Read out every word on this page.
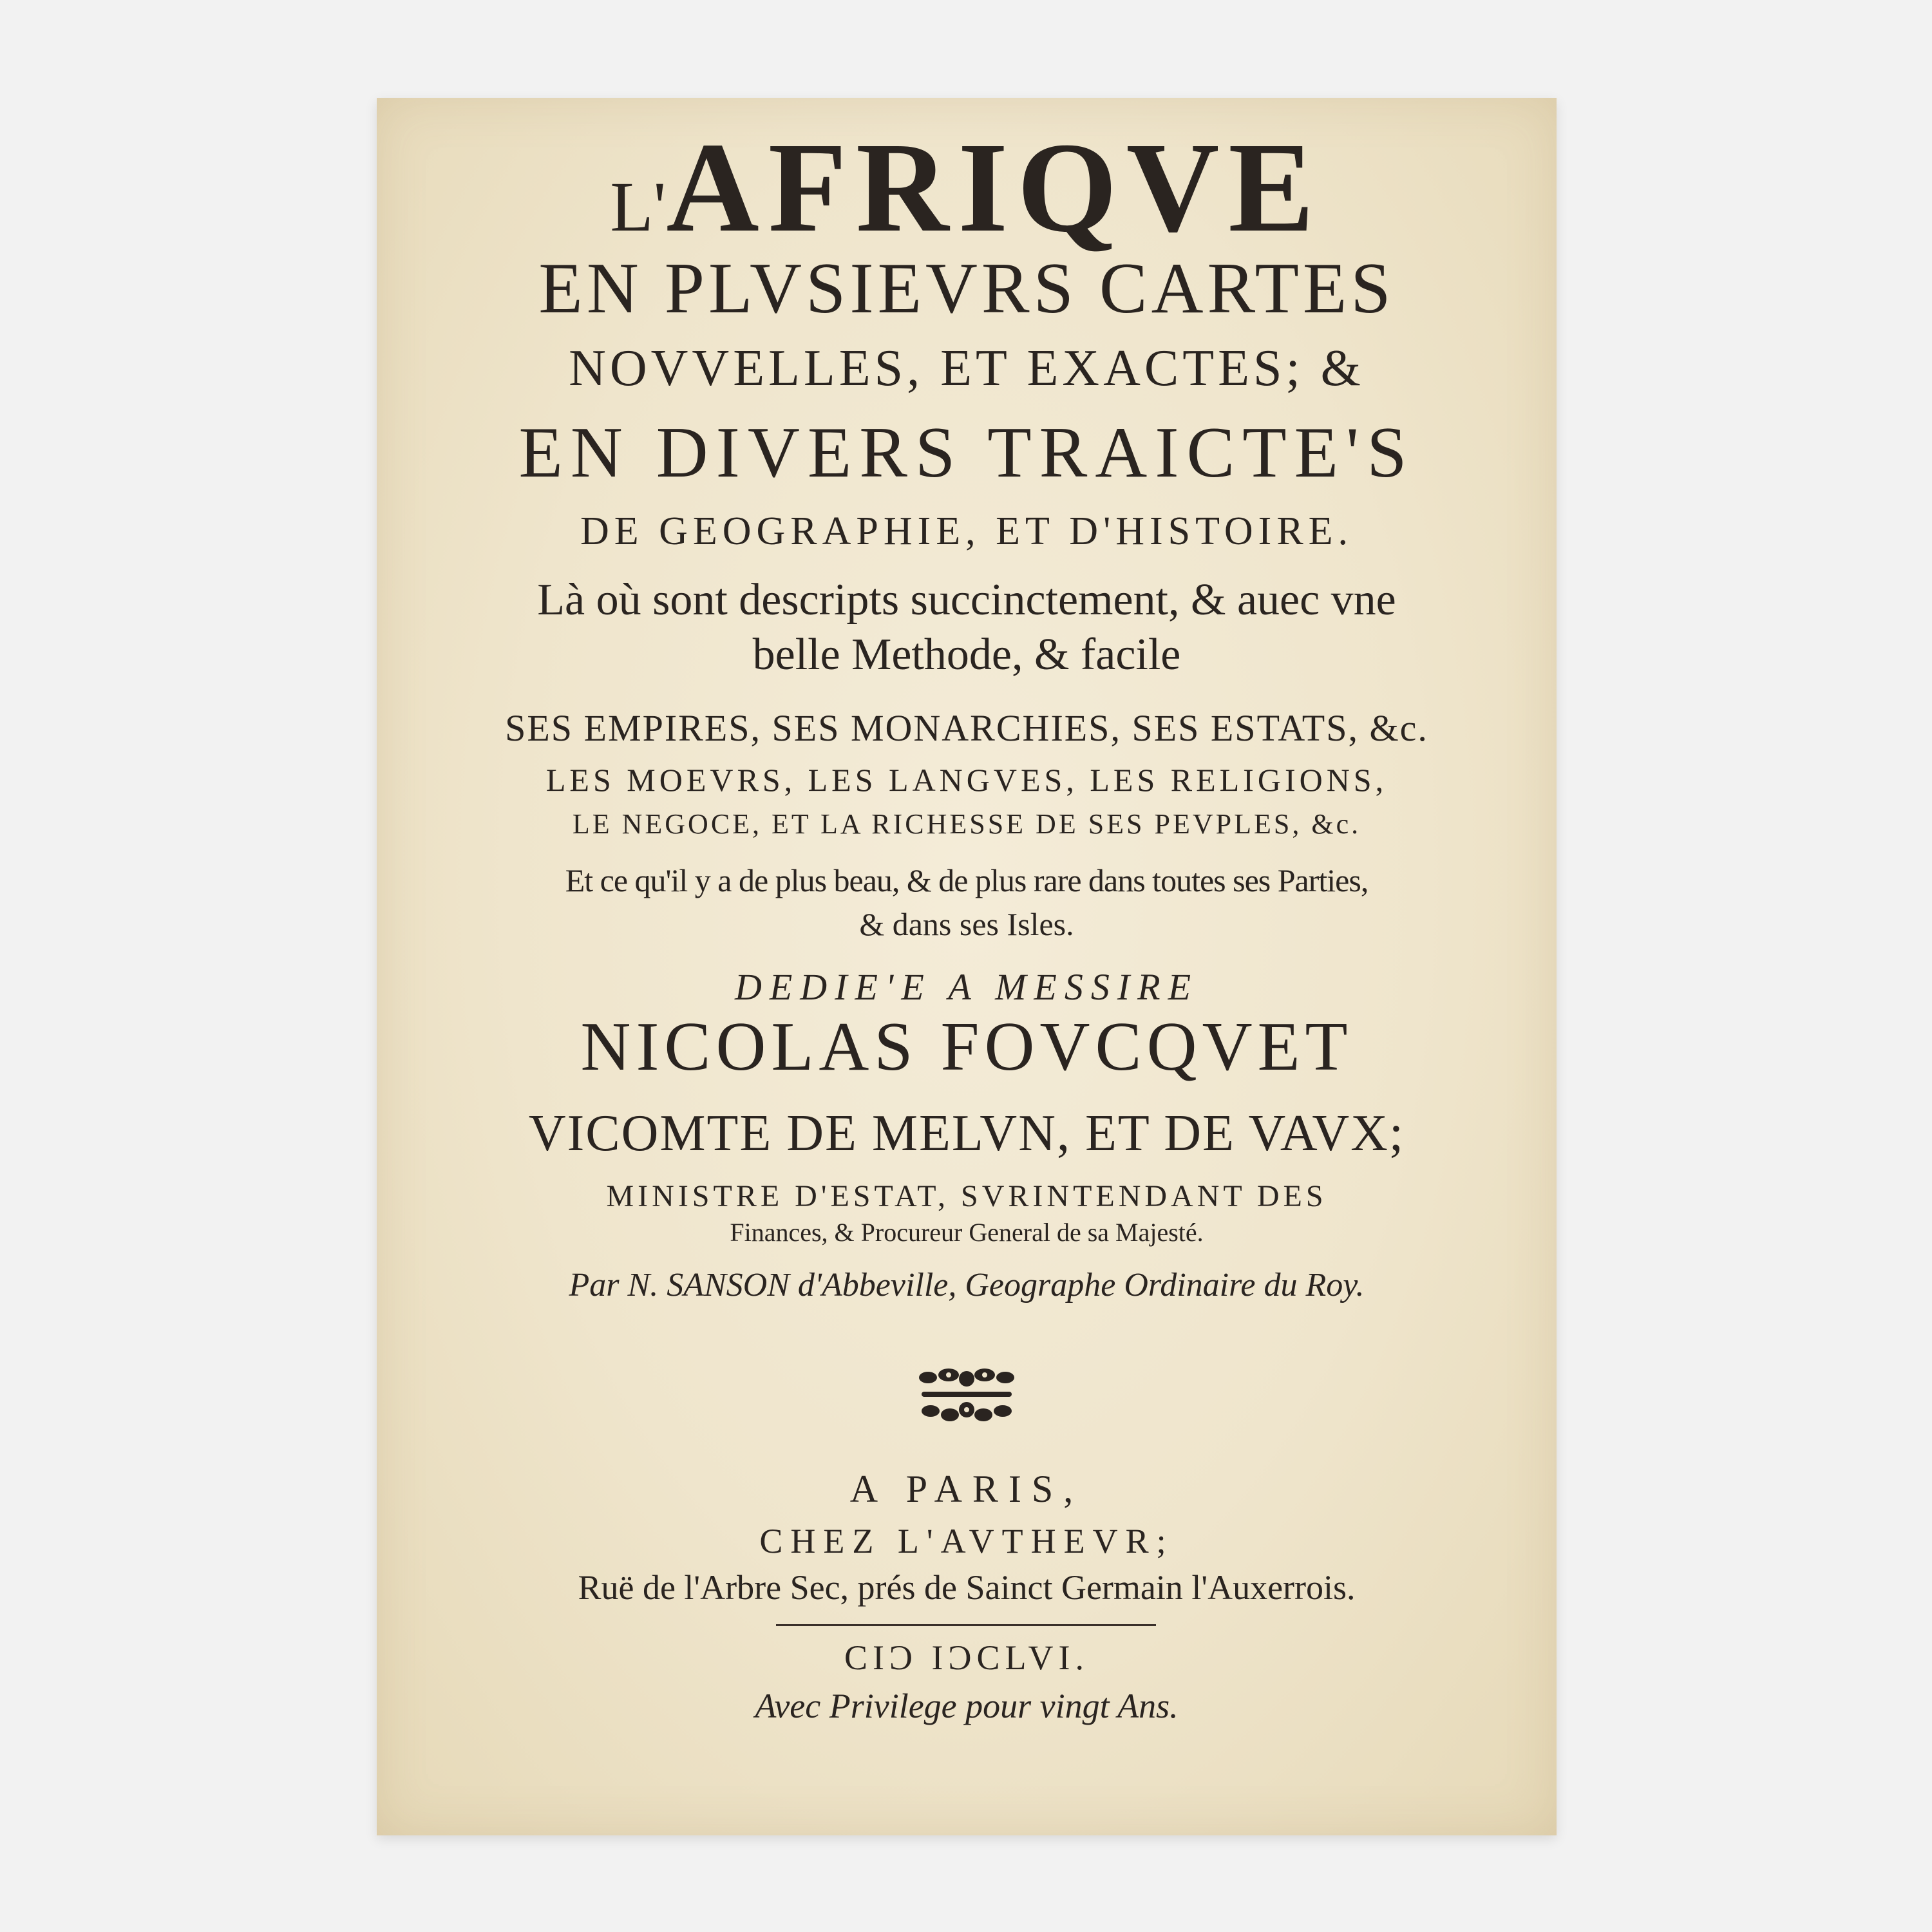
L'AFRIQVE

EN PLVSIEVRS CARTES

NOVVELLES, ET EXACTES; &

EN DIVERS TRAICTE'S

DE GEOGRAPHIE, ET D'HISTOIRE.

Là où sont descripts succinctement, & auec vne

belle Methode, & facile

SES EMPIRES, SES MONARCHIES, SES ESTATS, &c.

LES MOEVRS, LES LANGVES, LES RELIGIONS,

LE NEGOCE, ET LA RICHESSE DE SES PEVPLES, &c.

Et ce qu'il y a de plus beau, & de plus rare dans toutes ses Parties,

& dans ses Isles.

DEDIE'E A MESSIRE

NICOLAS FOVCQVET

VICOMTE DE MELVN, ET DE VAVX;

MINISTRE D'ESTAT, SVRINTENDANT DES

Finances, & Procureur General de sa Majesté.

Par N. SANSON d'Abbeville, Geographe Ordinaire du Roy.

A PARIS,

CHEZ L'AVTHEVR;

Ruë de l'Arbre Sec, prés de Sainct Germain l'Auxerrois.

CIϽ IϽCLVI.

Avec Privilege pour vingt Ans.
